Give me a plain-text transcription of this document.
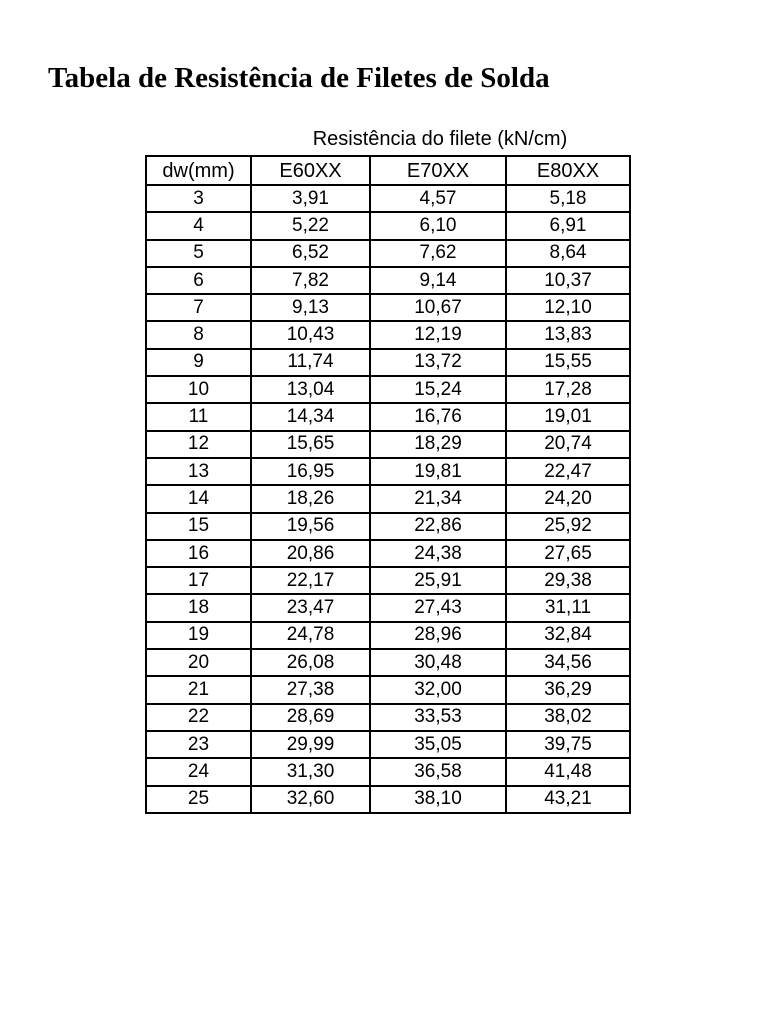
Tabela de Resistência de Filetes de Solda
Resistência do filete (kN/cm)
dw(mm)	E60XX	E70XX	E80XX
3	3,91	4,57	5,18
4	5,22	6,10	6,91
5	6,52	7,62	8,64
6	7,82	9,14	10,37
7	9,13	10,67	12,10
8	10,43	12,19	13,83
9	11,74	13,72	15,55
10	13,04	15,24	17,28
11	14,34	16,76	19,01
12	15,65	18,29	20,74
13	16,95	19,81	22,47
14	18,26	21,34	24,20
15	19,56	22,86	25,92
16	20,86	24,38	27,65
17	22,17	25,91	29,38
18	23,47	27,43	31,11
19	24,78	28,96	32,84
20	26,08	30,48	34,56
21	27,38	32,00	36,29
22	28,69	33,53	38,02
23	29,99	35,05	39,75
24	31,30	36,58	41,48
25	32,60	38,10	43,21
